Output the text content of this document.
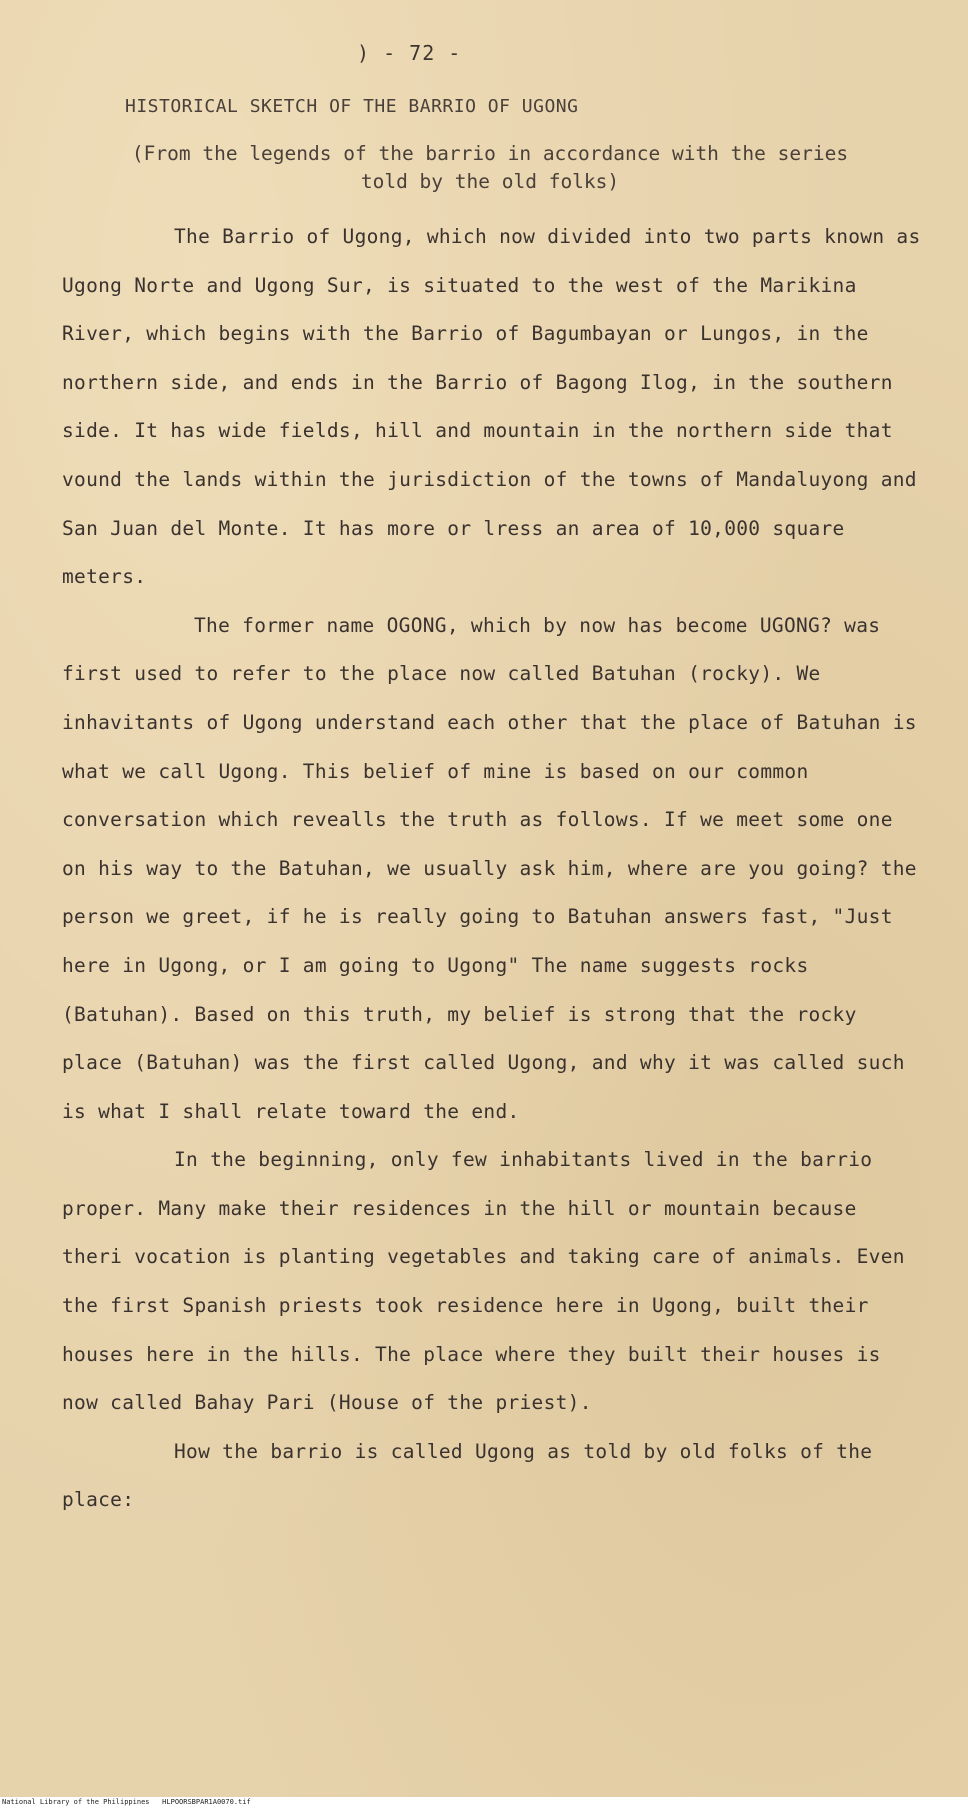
) - 72 -
HISTORICAL SKETCH OF THE BARRIO OF UGONG
(From the legends of the barrio in accordance with the series told by the old folks)

The Barrio of Ugong, which now divided into two parts known as Ugong Norte and Ugong Sur, is situated to the west of the Marikina River, which begins with the Barrio of Bagumbayan or Lungos, in the northern side, and ends in the Barrio of Bagong Ilog, in the southern side. It has wide fields, hill and mountain in the northern side that vound the lands within the jurisdiction of the towns of Mandaluyong and San Juan del Monte. It has more or lress an area of 10,000 square meters.

The former name OGONG, which by now has become UGONG? was first used to refer to the place now called Batuhan (rocky). We inhavitants of Ugong understand each other that the place of Batuhan is what we call Ugong. This belief of mine is based on our common conversation which revealls the truth as follows. If we meet some one on his way to the Batuhan, we usually ask him, where are you going? the person we greet, if he is really going to Batuhan answers fast, "Just here in Ugong, or I am going to Ugong" The name suggests rocks (Batuhan). Based on this truth, my belief is strong that the rocky place (Batuhan) was the first called Ugong, and why it was called such is what I shall relate toward the end.

In the beginning, only few inhabitants lived in the barrio proper. Many make their residences in the hill or mountain because theri vocation is planting vegetables and taking care of animals. Even the first Spanish priests took residence here in Ugong, built their houses here in the hills. The place where they built their houses is now called Bahay Pari (House of the priest).

How the barrio is called Ugong as told by old folks of the place:

National Library of the Philippines HLPOORSBPAR1A0070.tif
